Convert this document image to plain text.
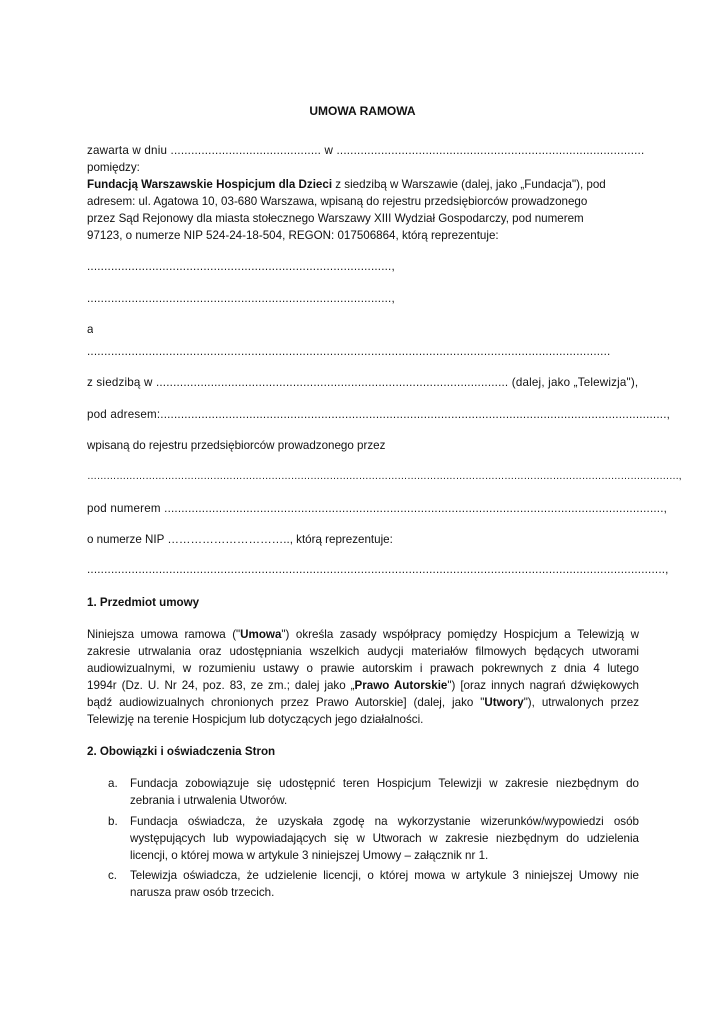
UMOWA RAMOWA
zawarta w dniu ............................................ w ..........................................................................................
pomiędzy:
Fundacją Warszawskie Hospicjum dla Dzieci z siedzibą w Warszawie (dalej, jako „Fundacja"), pod
adresem: ul. Agatowa 10, 03-680 Warszawa, wpisaną do rejestru przedsiębiorców prowadzonego
przez Sąd Rejonowy dla miasta stołecznego Warszawy XIII Wydział Gospodarczy, pod numerem
97123, o numerze NIP 524-24-18-504, REGON: 017506864, którą reprezentuje:
.........................................................................................,
.........................................................................................,
a
.........................................................................................................................................................
z siedzibą w ....................................................................................................... (dalej, jako „Telewizja"),
pod adresem:....................................................................................................................................................,
wpisaną do rejestru przedsiębiorców prowadzonego przez
…………………………………………………………………………………………………………………………………………………………………,
pod numerem ..................................................................................................................................................,
o numerze NIP ………………………….., którą reprezentuje:
.........................................................................................................................................................................,
1. Przedmiot umowy
Niniejsza umowa ramowa ("Umowa") określa zasady współpracy pomiędzy Hospicjum a Telewizją w
zakresie utrwalania oraz udostępniania wszelkich audycji materiałów filmowych będących utworami
audiowizualnymi, w rozumieniu ustawy o prawie autorskim i prawach pokrewnych z dnia 4 lutego
1994r (Dz. U. Nr 24, poz. 83, ze zm.; dalej jako „Prawo Autorskie") [oraz innych nagrań dźwiękowych
bądź audiowizualnych chronionych przez Prawo Autorskie] (dalej, jako "Utwory"), utrwalonych przez
Telewizję na terenie Hospicjum lub dotyczących jego działalności.
2. Obowiązki i oświadczenia Stron
a.	Fundacja zobowiązuje się udostępnić teren Hospicjum Telewizji w zakresie niezbędnym do
zebrania i utrwalenia Utworów.
b.	Fundacja oświadcza, że uzyskała zgodę na wykorzystanie wizerunków/wypowiedzi osób
występujących lub wypowiadających się w Utworach w zakresie niezbędnym do udzielenia
licencji, o której mowa w artykule 3 niniejszej Umowy – załącznik nr 1.
c.	Telewizja oświadcza, że udzielenie licencji, o której mowa w artykule 3 niniejszej Umowy nie
narusza praw osób trzecich.
